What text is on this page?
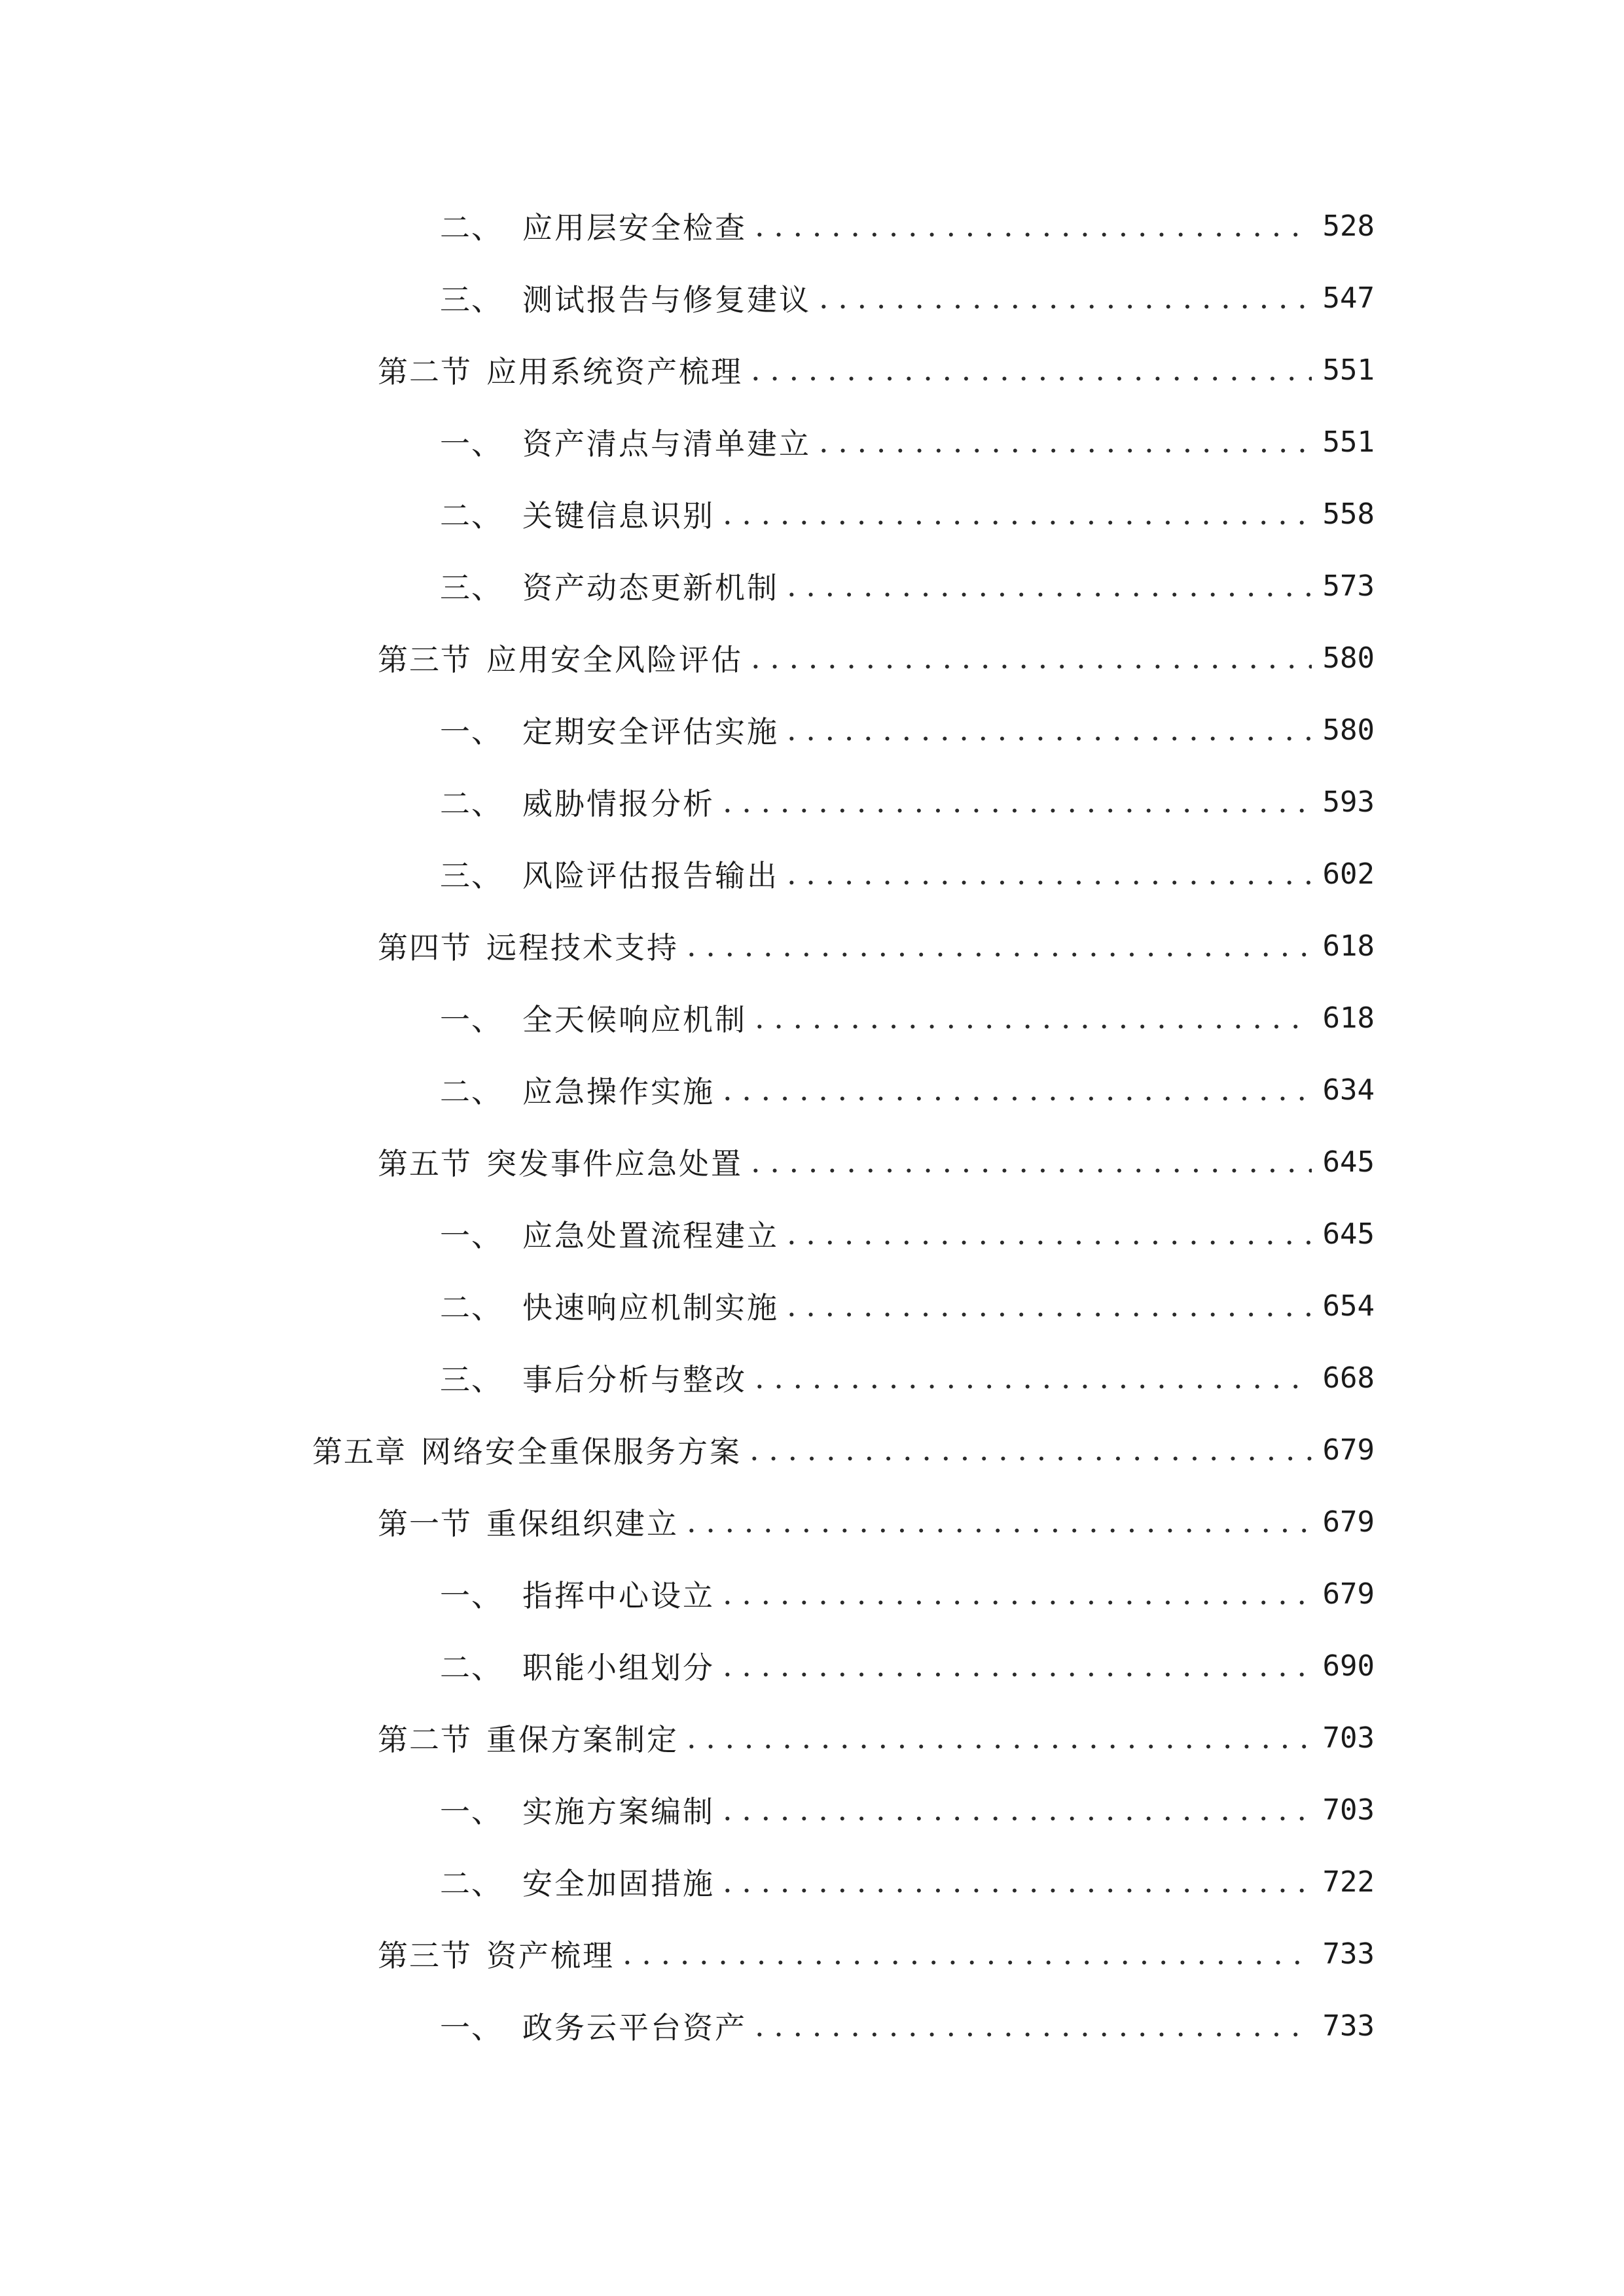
二、 应用层安全检查 . . .	528
三、 测试报告与修复建议 . . .	547
第二节 应用系统资产梳理 . . .	551
一、 资产清点与清单建立 . . .	551
二、 关键信息识别 . . .	558
三、 资产动态更新机制 . . .	573
第三节 应用安全风险评估 . . .	580
一、 定期安全评估实施 . . .	580
二、 威胁情报分析 . . .	593
三、 风险评估报告输出 . . .	602
第四节 远程技术支持 . . .	618
一、 全天候响应机制 . . .	618
二、 应急操作实施 . . .	634
第五节 突发事件应急处置 . . .	645
一、 应急处置流程建立 . . .	645
二、 快速响应机制实施 . . .	654
三、 事后分析与整改 . . .	668
第五章 网络安全重保服务方案 . . .	679
第一节 重保组织建立 . . .	679
一、 指挥中心设立 . . .	679
二、 职能小组划分 . . .	690
第二节 重保方案制定 . . .	703
一、 实施方案编制 . . .	703
二、 安全加固措施 . . .	722
第三节 资产梳理 . . .	733
一、 政务云平台资产 . . .	733
